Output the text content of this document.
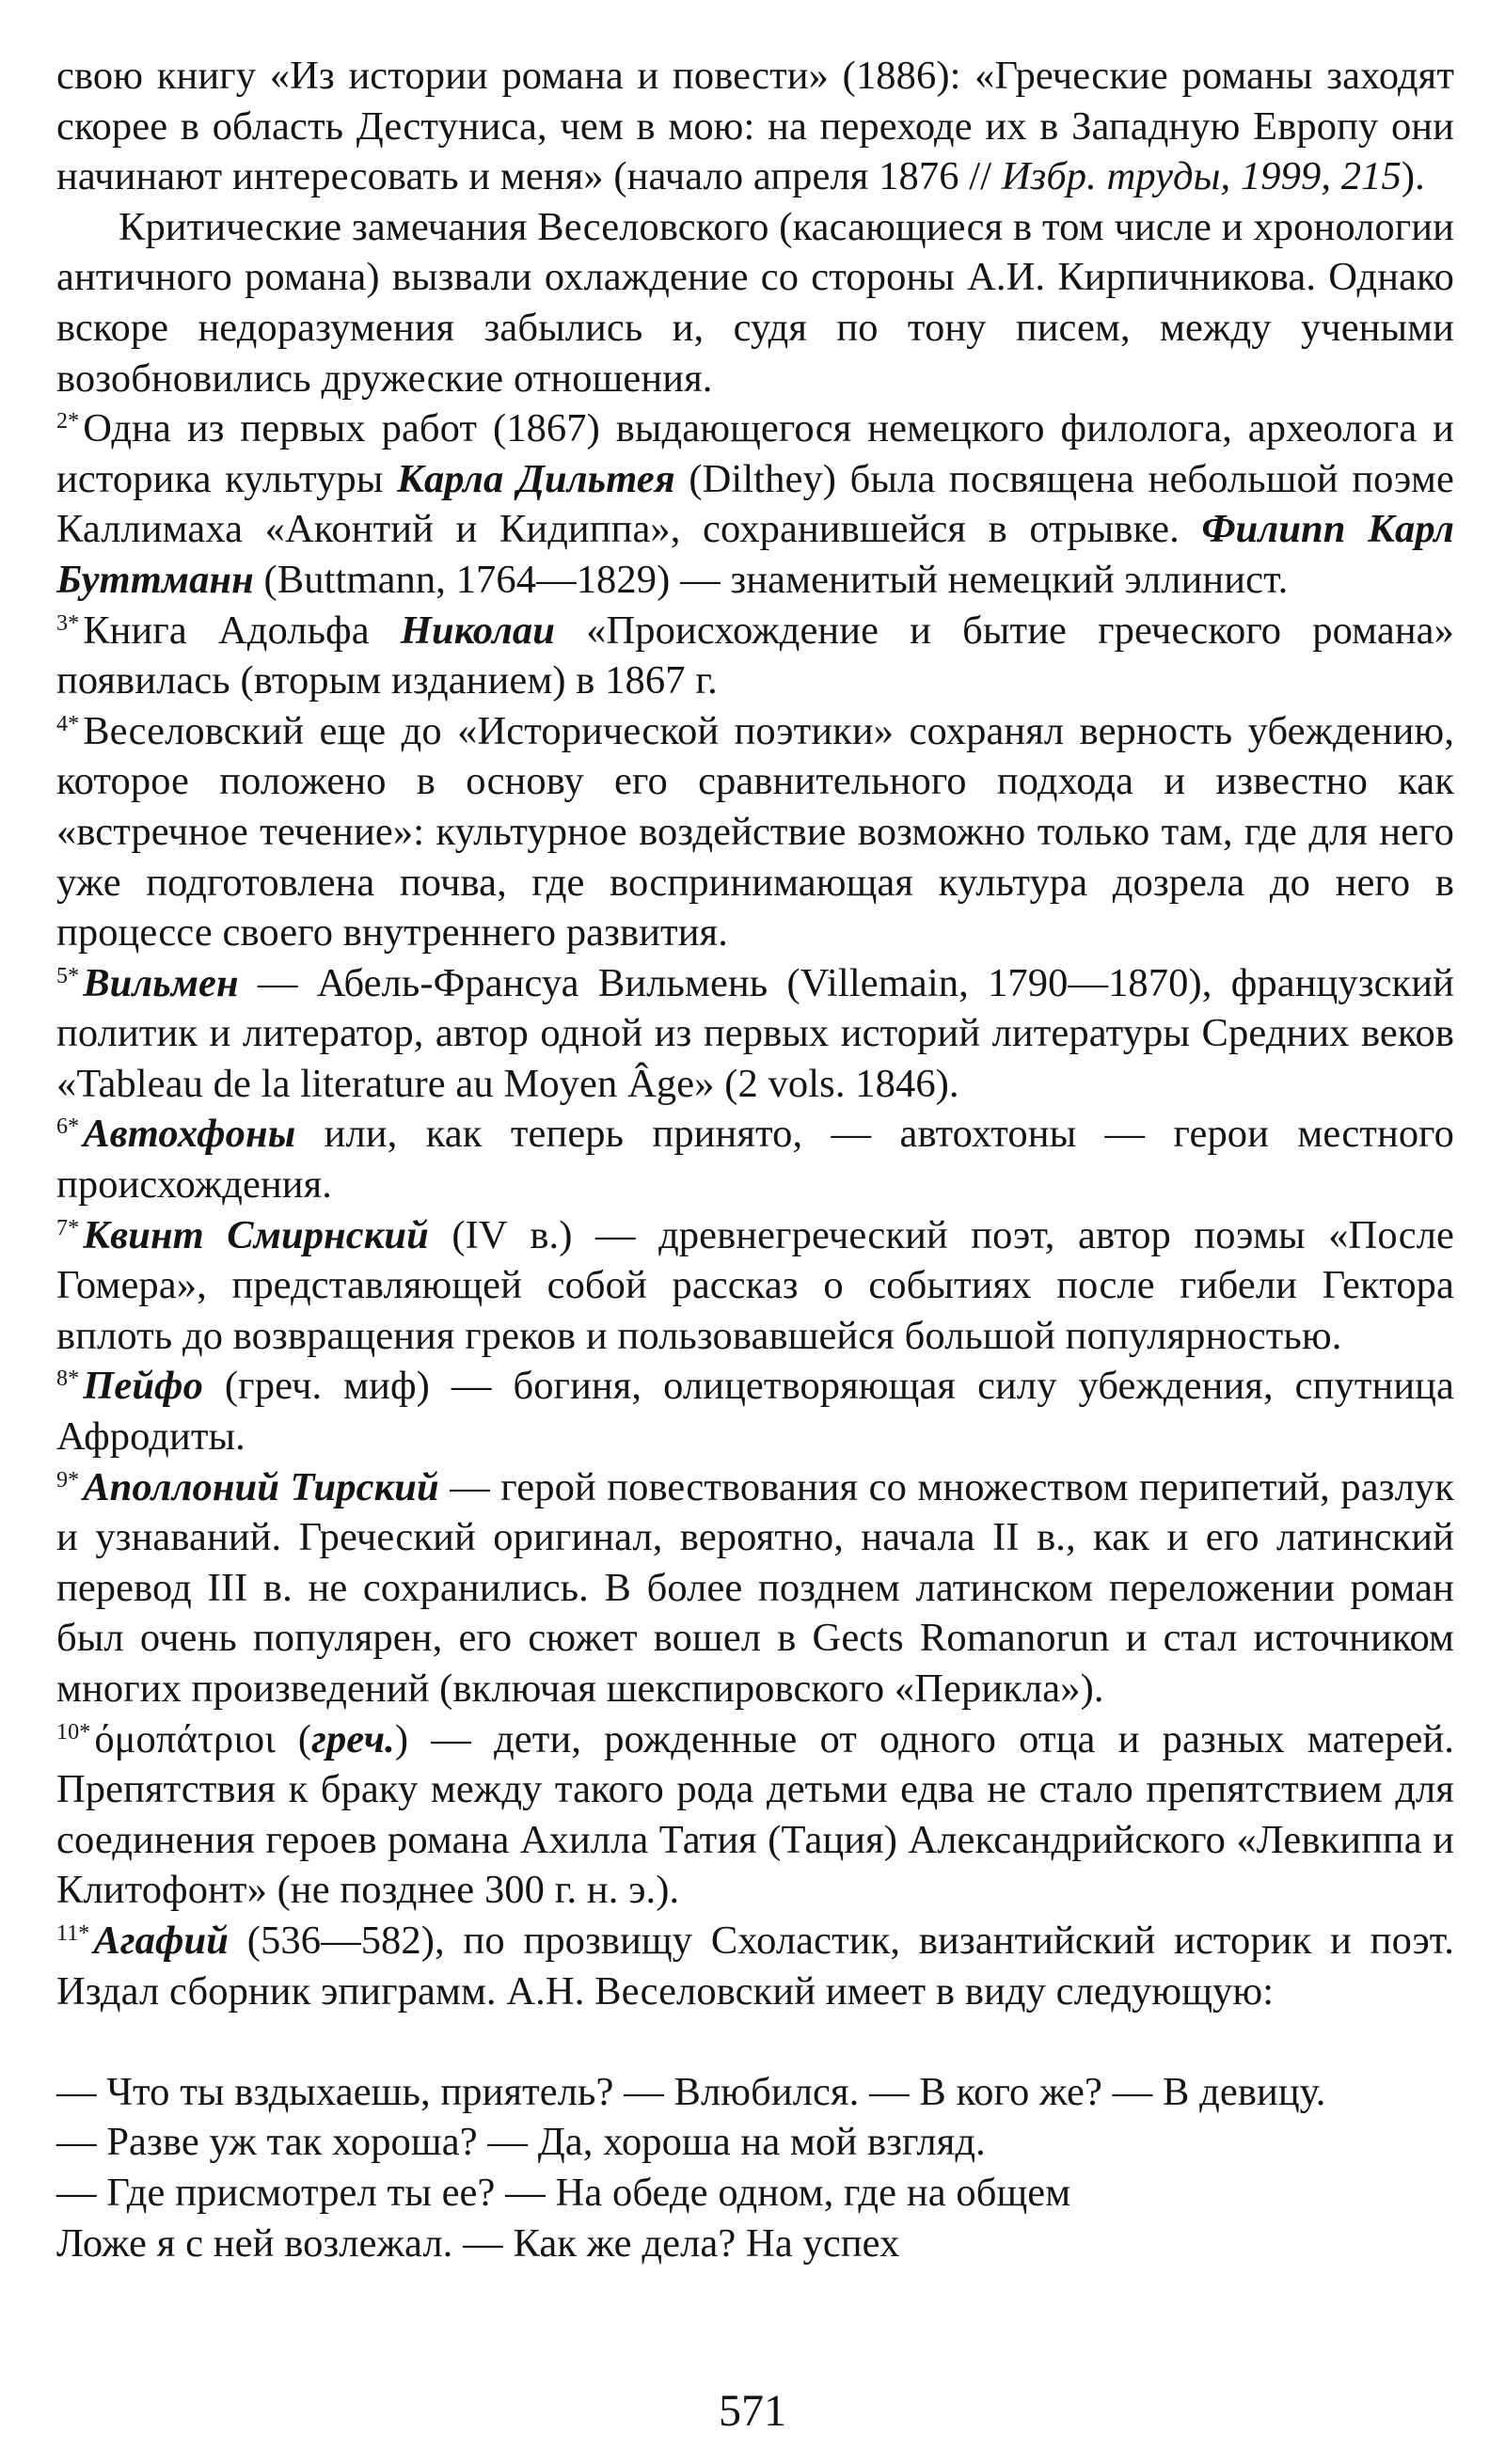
свою книгу «Из истории романа и повести» (1886): «Греческие романы заходят скорее в область Дестуниса, чем в мою: на переходе их в Западную Европу они начинают интересовать и меня» (начало апреля 1876 // Избр. труды, 1999, 215).

Критические замечания Веселовского (касающиеся в том числе и хронологии античного романа) вызвали охлаждение со стороны А.И. Кирпичникова. Однако вскоре недоразумения забылись и, судя по тону писем, между учеными возобновились дружеские отношения.

$^{2*}$Одна из первых работ (1867) выдающегося немецкого филолога, археолога и историка культуры Карла Дильтея (Dilthey) была посвящена небольшой поэме Каллимаха «Аконтий и Кидиппа», сохранившейся в отрывке. Филипп Карл Буттманн (Buttmann, 1764—1829) — знаменитый немецкий эллинист.

$^{3*}$Книга Адольфа Николаи «Происхождение и бытие греческого романа» появилась (вторым изданием) в 1867 г.

$^{4*}$Веселовский еще до «Исторической поэтики» сохранял верность убеждению, которое положено в основу его сравнительного подхода и известно как «встречное течение»: культурное воздействие возможно только там, где для него уже подготовлена почва, где воспринимающая культура дозрела до него в процессе своего внутреннего развития.

$^{5*}$Вильмен — Абель-Франсуа Вильмень (Villemain, 1790—1870), французский политик и литератор, автор одной из первых историй литературы Средних веков «Tableau de la literature au Moyen Âge» (2 vols. 1846).

$^{6*}$Автохфоны или, как теперь принято, — автохтоны — герои местного происхождения.

$^{7*}$Квинт Смирнский (IV в.) — древнегреческий поэт, автор поэмы «После Гомера», представляющей собой рассказ о событиях после гибели Гектора вплоть до возвращения греков и пользовавшейся большой популярностью.

$^{8*}$Пейфо (греч. миф) — богиня, олицетворяющая силу убеждения, спутница Афродиты.

$^{9*}$Аполлоний Тирский — герой повествования со множеством перипетий, разлук и узнаваний. Греческий оригинал, вероятно, начала II в., как и его латинский перевод III в. не сохранились. В более позднем латинском переложении роман был очень популярен, его сюжет вошел в Gects Romanorun и стал источником многих произведений (включая шекспировского «Перикла»).

$^{10*}$όμοπάτριοι (греч.) — дети, рожденные от одного отца и разных матерей. Препятствия к браку между такого рода детьми едва не стало препятствием для соединения героев романа Ахилла Татия (Тация) Александрийского «Левкиппа и Клитофонт» (не позднее 300 г. н. э.).

$^{11*}$Агафий (536—582), по прозвищу Схоластик, византийский историк и поэт. Издал сборник эпиграмм. А.Н. Веселовский имеет в виду следующую:

— Что ты вздыхаешь, приятель? — Влюбился. — В кого же? — В девицу.
— Разве уж так хороша? — Да, хороша на мой взгляд.
— Где присмотрел ты ее? — На обеде одном, где на общем
Ложе я с ней возлежал. — Как же дела? На успех
571
